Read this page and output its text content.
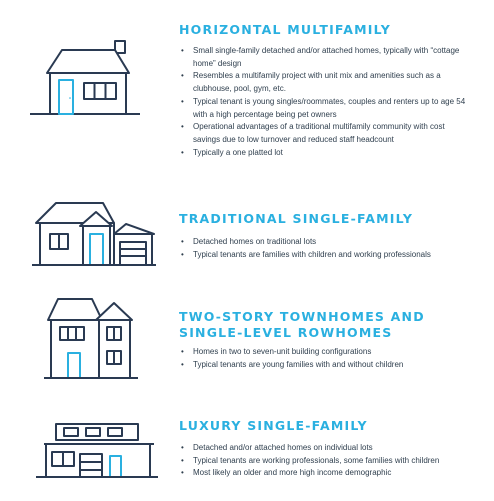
HORIZONTAL MULTIFAMILY
• Small single-family detached and/or attached homes, typically with “cottage home” design
• Resembles a multifamily project with unit mix and amenities such as a clubhouse, pool, gym, etc.
• Typical tenant is young singles/roommates, couples and renters up to age 54 with a high percentage being pet owners
• Operational advantages of a traditional multifamily community with cost savings due to low turnover and reduced staff headcount
• Typically a one platted lot
TRADITIONAL SINGLE-FAMILY
• Detached homes on traditional lots
• Typical tenants are families with children and working professionals
TWO-STORY TOWNHOMES AND
SINGLE-LEVEL ROWHOMES
• Homes in two to seven-unit building configurations
• Typical tenants are young families with and without children
LUXURY SINGLE-FAMILY
• Detached and/or attached homes on individual lots
• Typical tenants are working professionals, some families with children
• Most likely an older and more high income demographic
